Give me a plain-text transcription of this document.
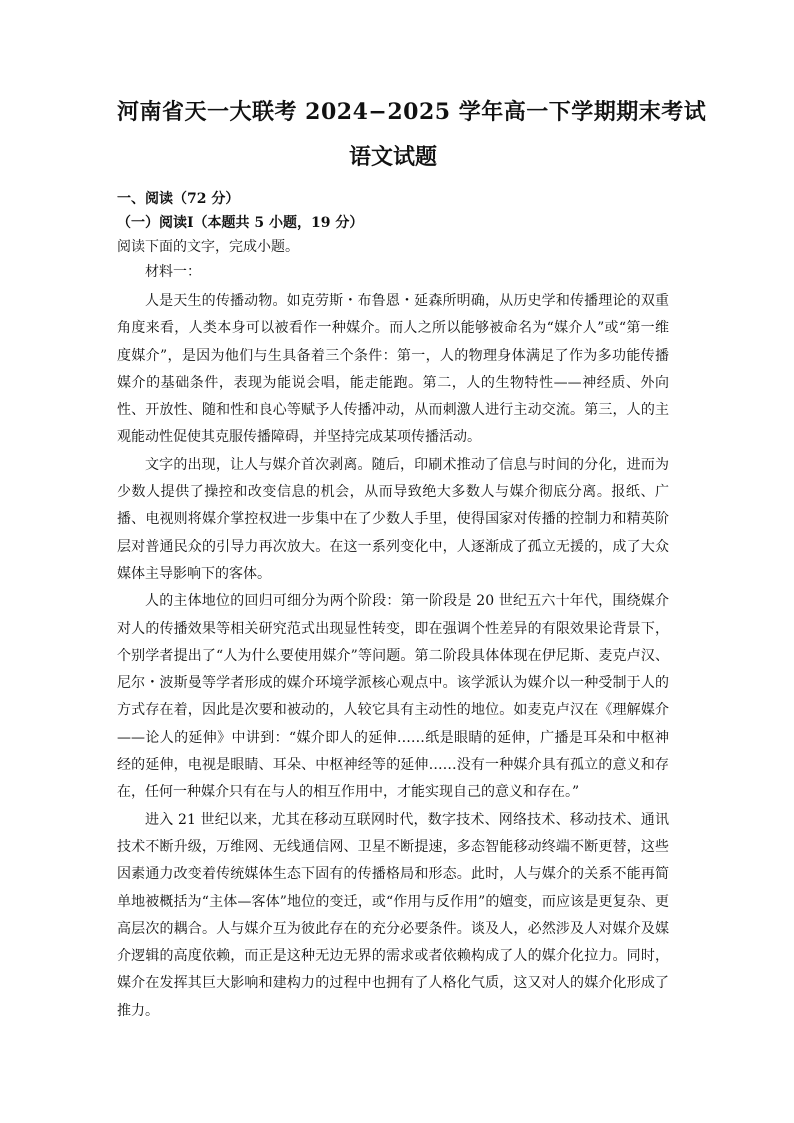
河南省天一大联考 2024−2025 学年高一下学期期末考试
语文试题

一、阅读（72 分）

（一）阅读Ⅰ（本题共 5 小题，19 分）

阅读下面的文字，完成小题。

材料一：

人是天生的传播动物。如克劳斯・布鲁恩・延森所明确，从历史学和传播理论的双重角度来看，人类本身可以被看作一种媒介。而人之所以能够被命名为“媒介人”或“第一维度媒介”，是因为他们与生具备着三个条件：第一，人的物理身体满足了作为多功能传播媒介的基础条件，表现为能说会唱，能走能跑。第二，人的生物特性——神经质、外向性、开放性、随和性和良心等赋予人传播冲动，从而刺激人进行主动交流。第三，人的主观能动性促使其克服传播障碍，并坚持完成某项传播活动。

文字的出现，让人与媒介首次剥离。随后，印刷术推动了信息与时间的分化，进而为少数人提供了操控和改变信息的机会，从而导致绝大多数人与媒介彻底分离。报纸、广播、电视则将媒介掌控权进一步集中在了少数人手里，使得国家对传播的控制力和精英阶层对普通民众的引导力再次放大。在这一系列变化中，人逐渐成了孤立无援的，成了大众媒体主导影响下的客体。

人的主体地位的回归可细分为两个阶段：第一阶段是 20 世纪五六十年代，围绕媒介对人的传播效果等相关研究范式出现显性转变，即在强调个性差异的有限效果论背景下，个别学者提出了“人为什么要使用媒介”等问题。第二阶段具体体现在伊尼斯、麦克卢汉、尼尔・波斯曼等学者形成的媒介环境学派核心观点中。该学派认为媒介以一种受制于人的方式存在着，因此是次要和被动的，人较它具有主动性的地位。如麦克卢汉在《理解媒介——论人的延伸》中讲到：“媒介即人的延伸……纸是眼睛的延伸，广播是耳朵和中枢神经的延伸，电视是眼睛、耳朵、中枢神经等的延伸……没有一种媒介具有孤立的意义和存在，任何一种媒介只有在与人的相互作用中，才能实现自己的意义和存在。”

进入 21 世纪以来，尤其在移动互联网时代，数字技术、网络技术、移动技术、通讯技术不断升级，万维网、无线通信网、卫星不断提速，多态智能移动终端不断更替，这些因素通力改变着传统媒体生态下固有的传播格局和形态。此时，人与媒介的关系不能再简单地被概括为“主体—客体”地位的变迁，或“作用与反作用”的嬗变，而应该是更复杂、更高层次的耦合。人与媒介互为彼此存在的充分必要条件。谈及人，必然涉及人对媒介及媒介逻辑的高度依赖，而正是这种无边无界的需求或者依赖构成了人的媒介化拉力。同时，媒介在发挥其巨大影响和建构力的过程中也拥有了人格化气质，这又对人的媒介化形成了推力。
